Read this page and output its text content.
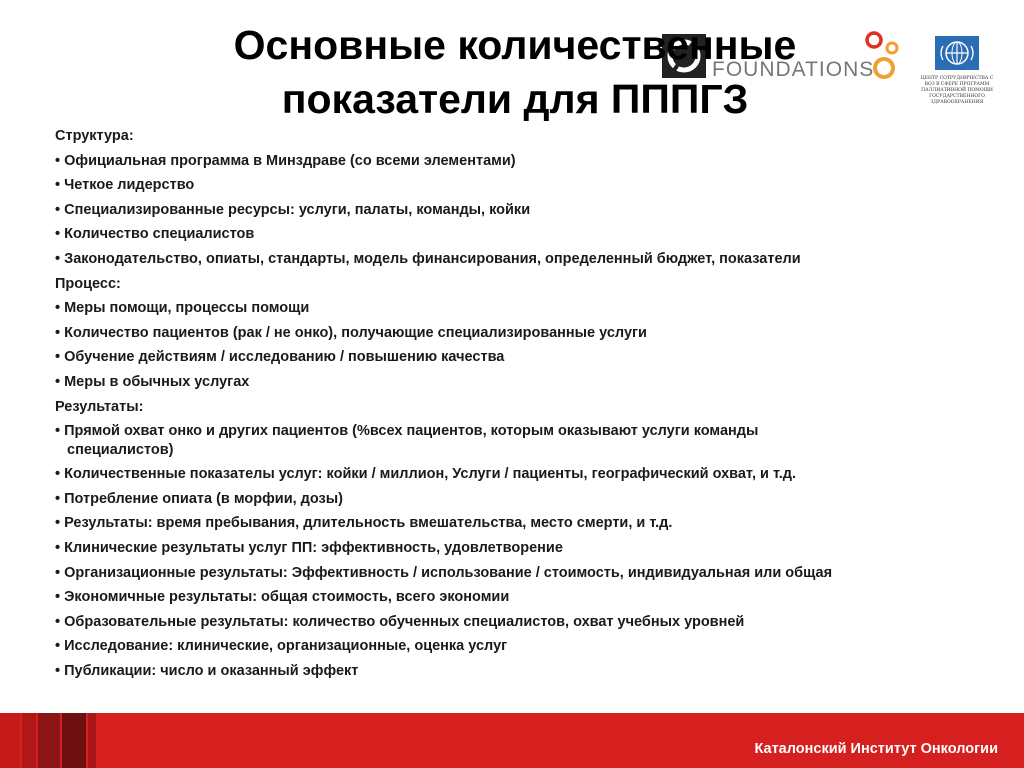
Основные количественные
показатели для ПППГЗ
FOUNDATIONS	ЦЕНТР СОТРУДНИЧЕСТВА С ВОЗ В СФЕРЕ ПРОГРАММ ПАЛЛИАТИВНОЙ ПОМОЩИ ГОСУДАРСТВЕННОГО ЗДРАВООХРАНЕНИЯ
Структура:
• Официальная программа в Минздраве (со всеми элементами)
• Четкое лидерство
• Специализированные ресурсы: услуги, палаты, команды, койки
• Количество специалистов
• Законодательство, опиаты, стандарты, модель финансирования, определенный бюджет, показатели
Процесс:
• Меры помощи, процессы помощи
• Количество пациентов (рак / не онко), получающие специализированные услуги
• Обучение действиям / исследованию / повышению качества
• Меры в обычных услугах
Результаты:
• Прямой охват онко и других пациентов (%всех пациентов, которым оказывают услуги команды
специалистов)
• Количественные показателы услуг: койки / миллион, Услуги / пациенты, географический охват, и т.д.
• Потребление опиата (в морфии, дозы)
• Результаты: время пребывания, длительность вмешательства, место смерти, и т.д.
• Клинические результаты услуг ПП: эффективность, удовлетворение
• Организационные результаты: Эффективность / использование / стоимость, индивидуальная или общая
• Экономичные результаты: общая стоимость, всего экономии
• Образовательные результаты: количество обученных специалистов, охват учебных уровней
• Исследование: клинические, организационные, оценка услуг
• Публикации: число и оказанный эффект
Каталонский Институт Онкологии
